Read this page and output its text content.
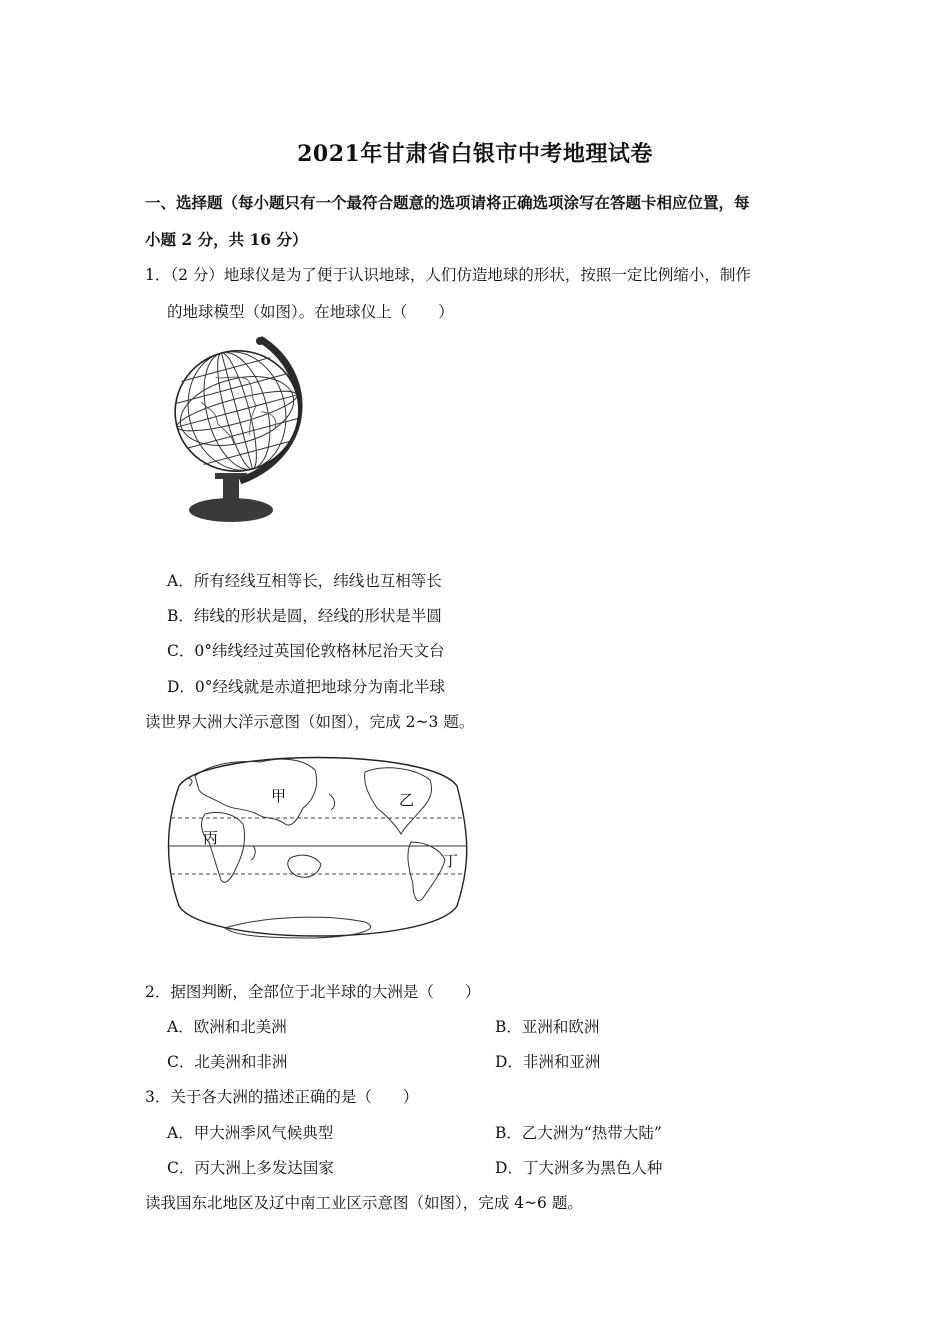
2021年甘肃省白银市中考地理试卷
一、选择题（每小题只有一个最符合题意的选项请将正确选项涂写在答题卡相应位置，每
小题 2 分，共 16 分）
1．（2 分）地球仪是为了便于认识地球，人们仿造地球的形状，按照一定比例缩小，制作
的地球模型（如图）。在地球仪上（　　）
A．所有经线互相等长，纬线也互相等长
B．纬线的形状是圆，经线的形状是半圆
C．0°纬线经过英国伦敦格林尼治天文台
D．0°经线就是赤道把地球分为南北半球
读世界大洲大洋示意图（如图），完成 2~3 题。
甲	乙
丙
丁
2．据图判断，全部位于北半球的大洲是（　　）
A．欧洲和北美洲	B．亚洲和欧洲
C．北美洲和非洲	D．非洲和亚洲
3．关于各大洲的描述正确的是（　　）
A．甲大洲季风气候典型	B．乙大洲为“热带大陆”
C．丙大洲上多发达国家	D．丁大洲多为黑色人种
读我国东北地区及辽中南工业区示意图（如图），完成 4~6 题。
